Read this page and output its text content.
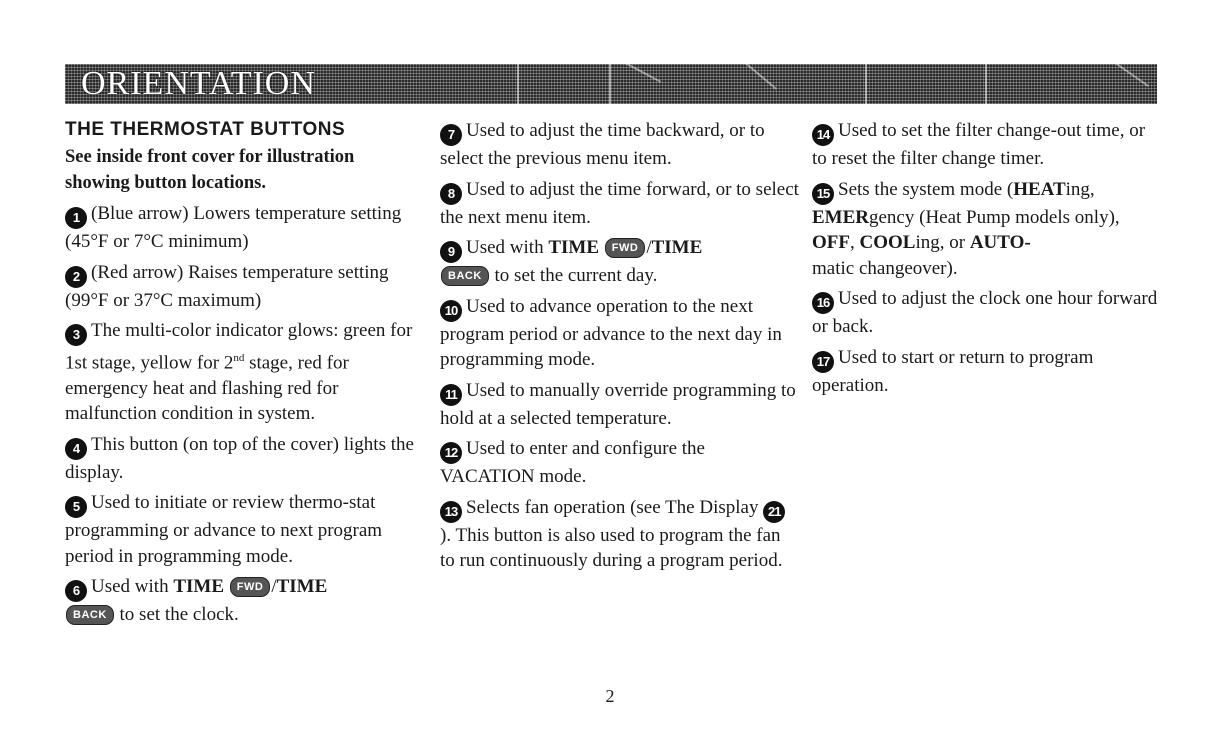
ORIENTATION
THE THERMOSTAT BUTTONS
See inside front cover for illustration showing button locations.
1 (Blue arrow) Lowers temperature setting (45°F or 7°C minimum)
2 (Red arrow) Raises temperature setting (99°F or 37°C maximum)
3 The multi-color indicator glows: green for 1st stage, yellow for 2nd stage, red for emergency heat and flashing red for malfunction condition in system.
4 This button (on top of the cover) lights the display.
5 Used to initiate or review thermo-stat programming or advance to next program period in programming mode.
6 Used with TIME FWD /TIME
BACK to set the clock.
7 Used to adjust the time backward, or to select the previous menu item.
8 Used to adjust the time forward, or to select the next menu item.
9 Used with TIME FWD /TIME
BACK to set the current day.
10 Used to advance operation to the next program period or advance to the next day in programming mode.
11 Used to manually override programming to hold at a selected temperature.
12 Used to enter and configure the VACATION mode.
13 Selects fan operation (see The Display 21 ). This button is also used to program the fan to run continuously during a program period.
14 Used to set the filter change-out time, or to reset the filter change timer.
15 Sets the system mode (HEATing, EMERgency (Heat Pump models only), OFF, COOLing, or AUTO-
matic changeover).
16 Used to adjust the clock one hour forward or back.
17 Used to start or return to program operation.
2
